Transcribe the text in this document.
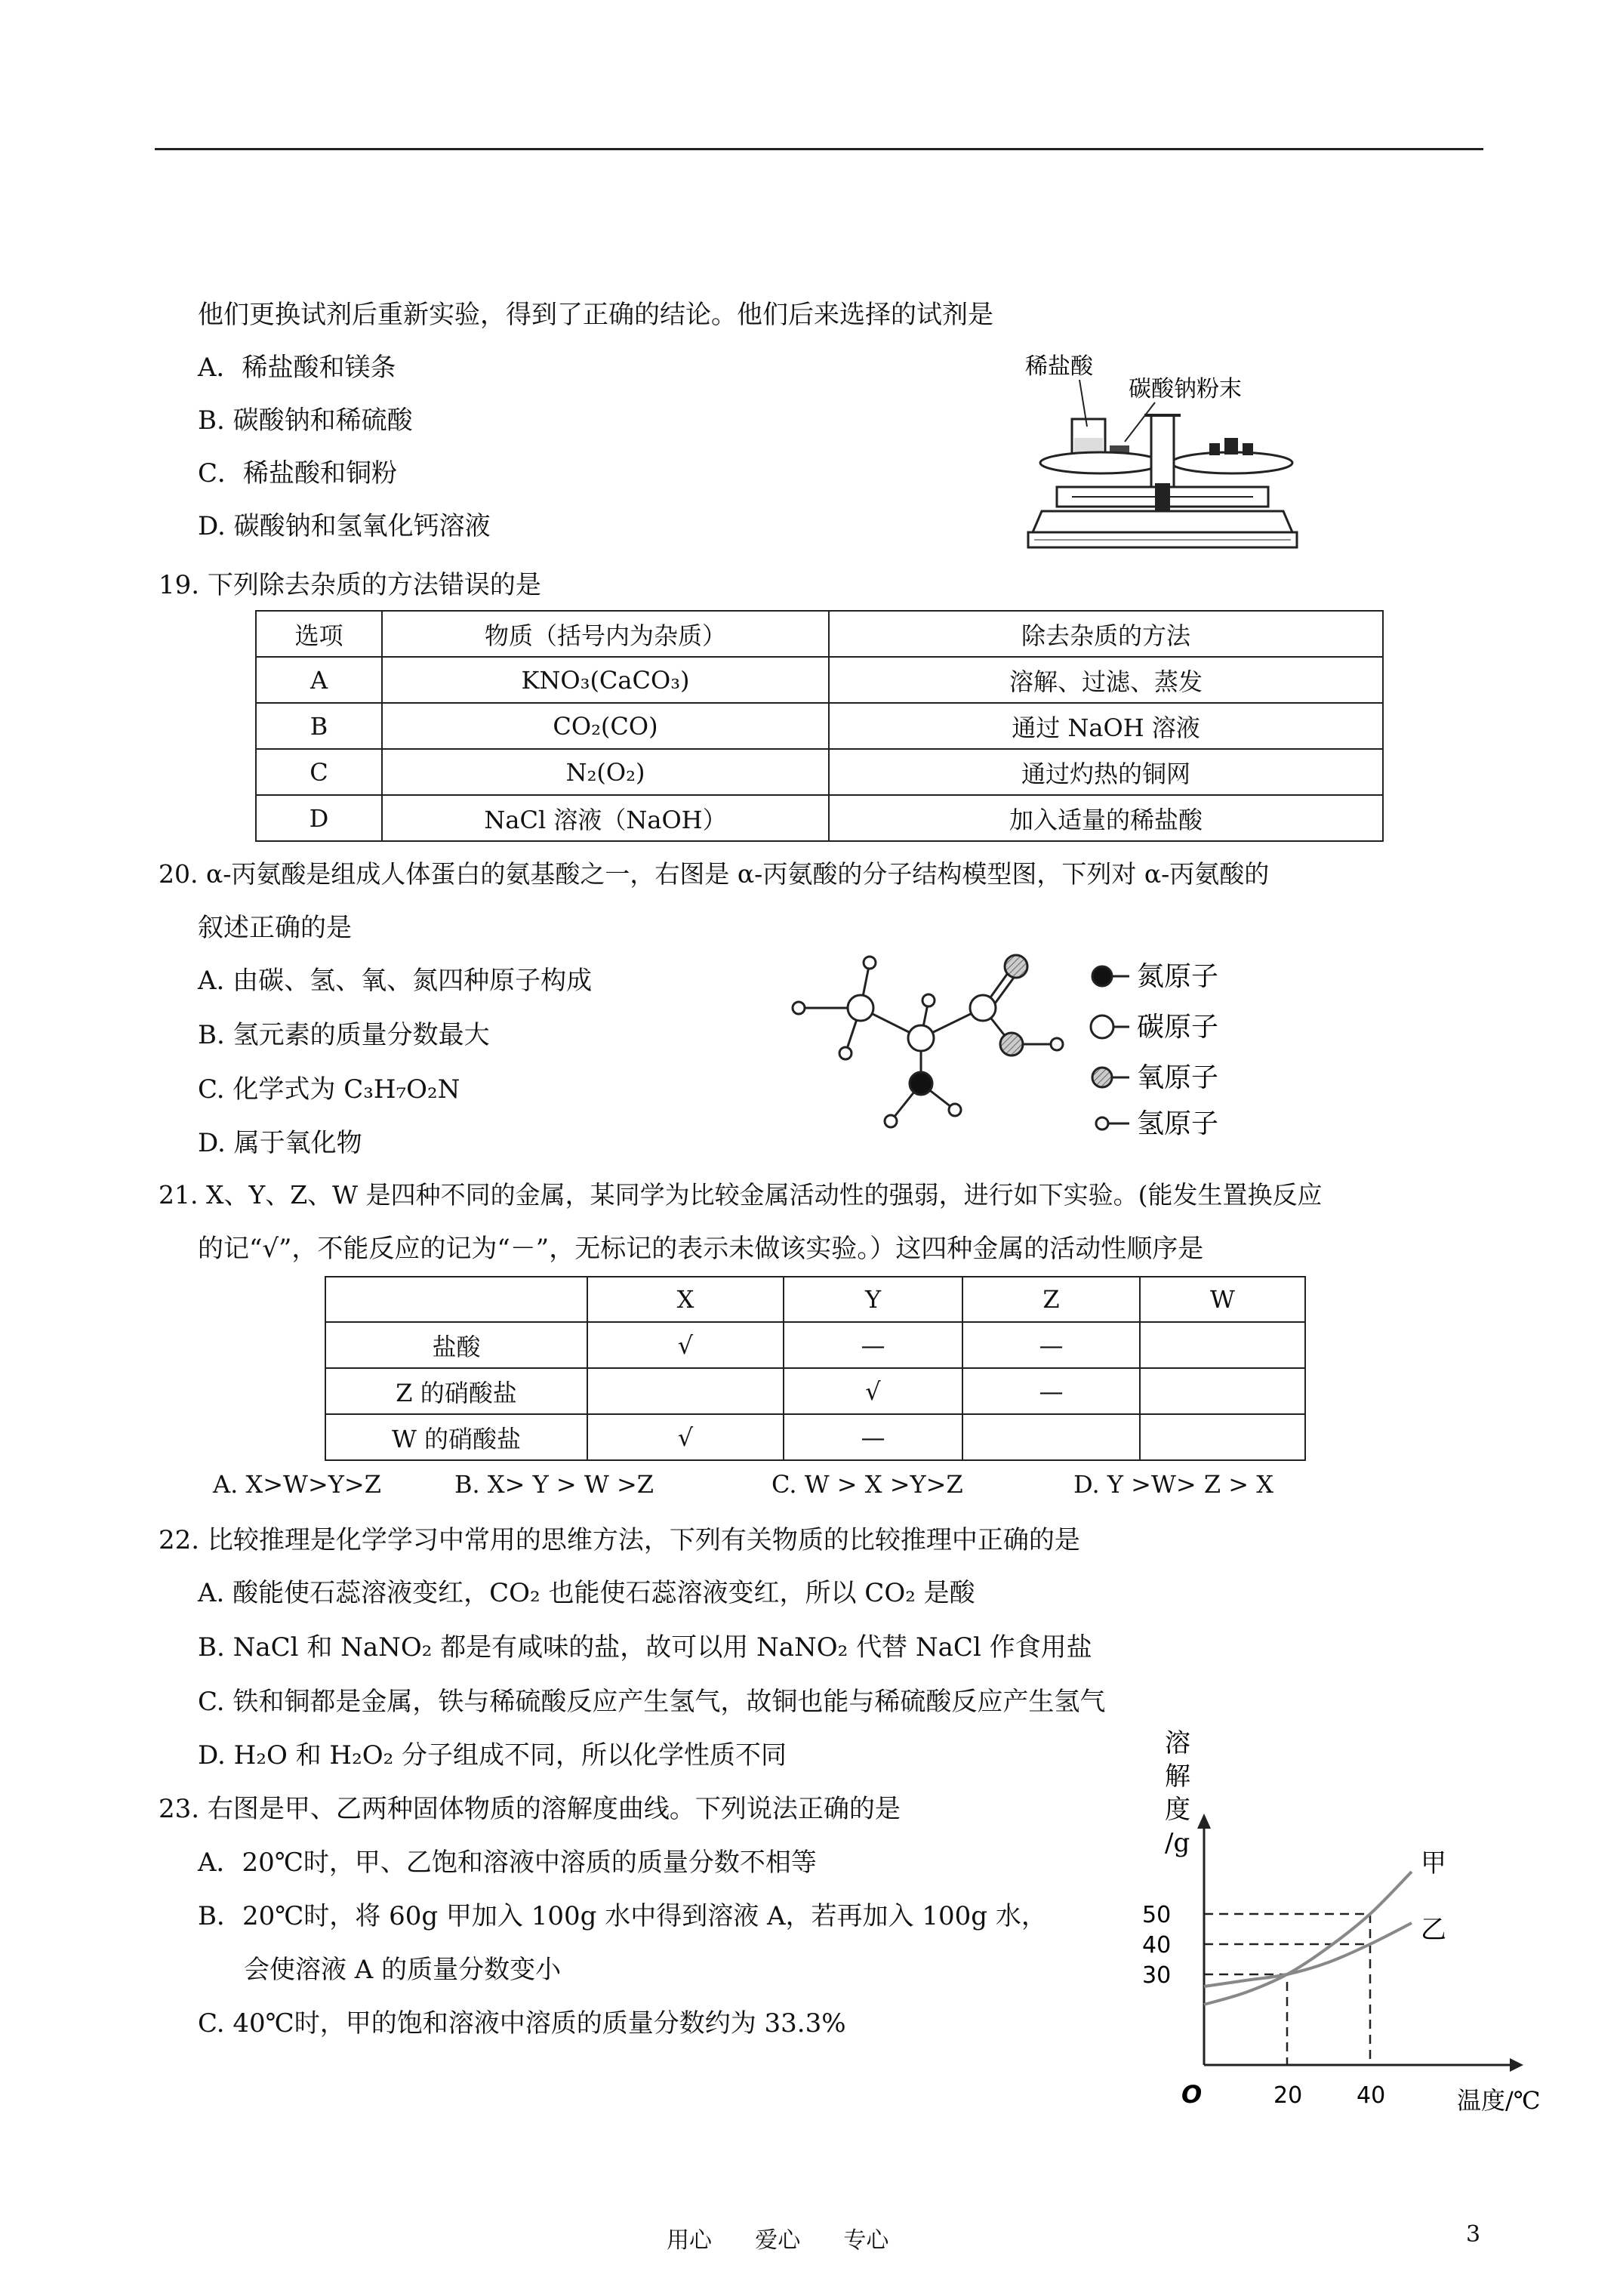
他们更换试剂后重新实验，得到了正确的结论。他们后来选择的试剂是
A．稀盐酸和镁条
B. 碳酸钠和稀硫酸
C．稀盐酸和铜粉
D. 碳酸钠和氢氧化钙溶液
稀盐酸
碳酸钠粉末
19. 下列除去杂质的方法错误的是
选项	物质（括号内为杂质）	除去杂质的方法
A	KNO₃(CaCO₃)	溶解、过滤、蒸发
B	CO₂(CO)	通过 NaOH 溶液
C	N₂(O₂)	通过灼热的铜网
D	NaCl 溶液（NaOH）	加入适量的稀盐酸
20. α-丙氨酸是组成人体蛋白的氨基酸之一，右图是 α-丙氨酸的分子结构模型图，下列对 α-丙氨酸的
叙述正确的是
A. 由碳、氢、氧、氮四种原子构成
B. 氢元素的质量分数最大
C. 化学式为 C₃H₇O₂N
D. 属于氧化物
氮原子
碳原子
氧原子
氢原子
21. X、Y、Z、W 是四种不同的金属，某同学为比较金属活动性的强弱，进行如下实验。(能发生置换反应
的记“√”，不能反应的记为“－”，无标记的表示未做该实验。）这四种金属的活动性顺序是
	X	Y	Z	W
盐酸	√	—	—	
Z 的硝酸盐		√	—	
W 的硝酸盐	√	—		
A. X>W>Y>Z	B. X> Y > W >Z	C. W > X >Y>Z	D. Y >W> Z > X
22. 比较推理是化学学习中常用的思维方法，下列有关物质的比较推理中正确的是
A. 酸能使石蕊溶液变红，CO₂ 也能使石蕊溶液变红，所以 CO₂ 是酸
B. NaCl 和 NaNO₂ 都是有咸味的盐，故可以用 NaNO₂ 代替 NaCl 作食用盐
C. 铁和铜都是金属，铁与稀硫酸反应产生氢气，故铜也能与稀硫酸反应产生氢气
D. H₂O 和 H₂O₂ 分子组成不同，所以化学性质不同
23. 右图是甲、乙两种固体物质的溶解度曲线。下列说法正确的是
A．20℃时，甲、乙饱和溶液中溶质的质量分数不相等
B．20℃时，将 60g 甲加入 100g 水中得到溶液 A，若再加入 100g 水，
会使溶液 A 的质量分数变小
C. 40℃时，甲的饱和溶液中溶质的质量分数约为 33.3%
溶
解
度
/g
O	温度/℃
20 40
30
40
50
甲
乙
用心      爱心      专心	3
